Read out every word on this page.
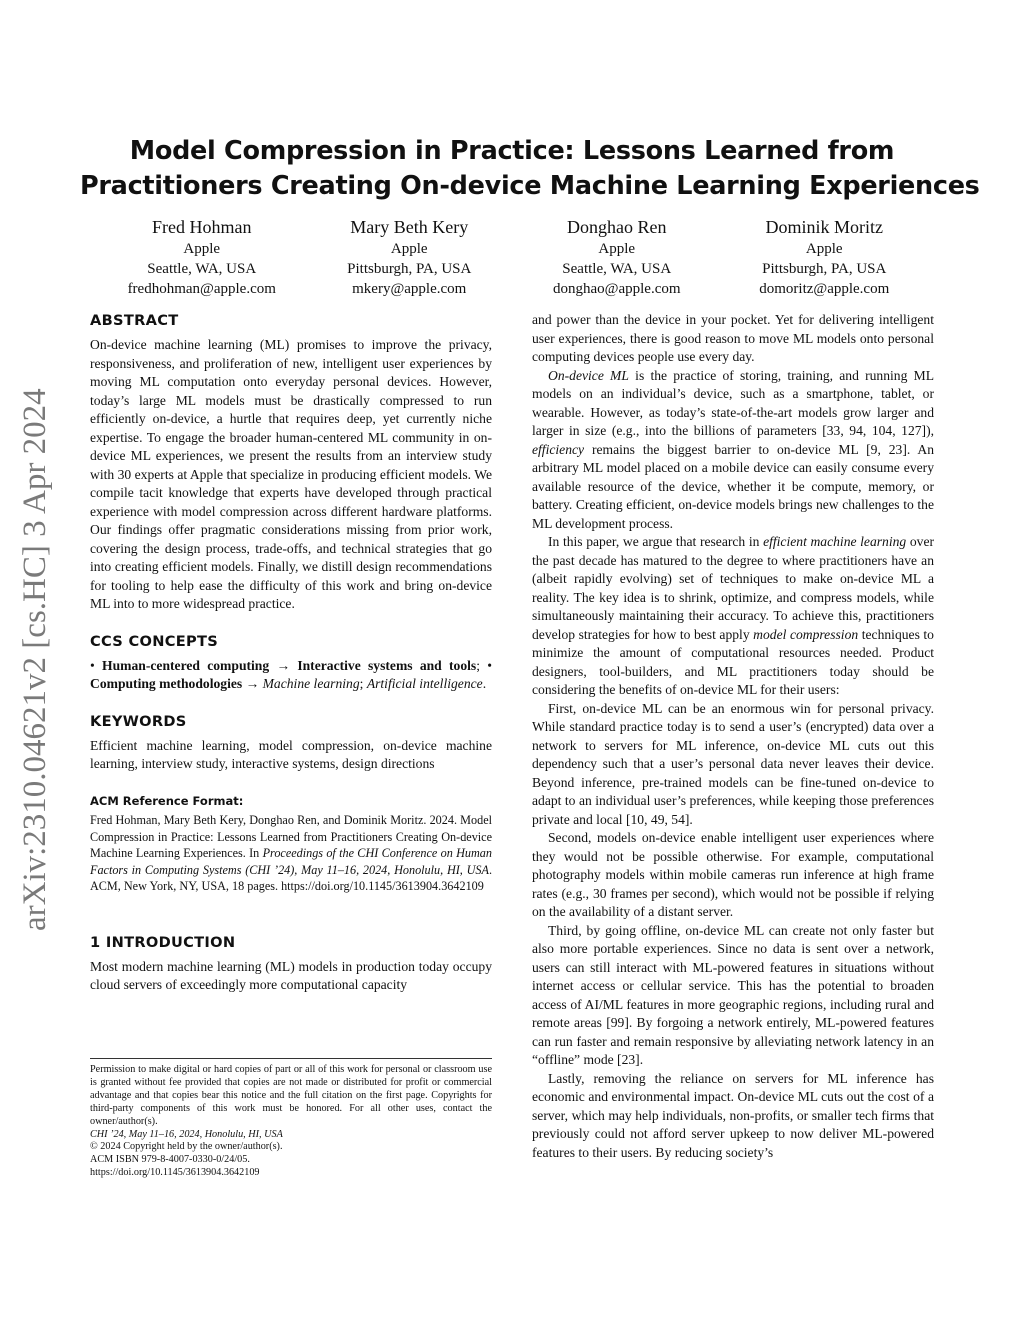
arXiv:2310.04621v2 [cs.HC] 3 Apr 2024
Model Compression in Practice: Lessons Learned from
Practitioners Creating On-device Machine Learning Experiences
Fred Hohman
Apple
Seattle, WA, USA
fredhohman@apple.com
Mary Beth Kery
Apple
Pittsburgh, PA, USA
mkery@apple.com
Donghao Ren
Apple
Seattle, WA, USA
donghao@apple.com
Dominik Moritz
Apple
Pittsburgh, PA, USA
domoritz@apple.com
ABSTRACT

On-device machine learning (ML) promises to improve the privacy, responsiveness, and proliferation of new, intelligent user experiences by moving ML computation onto everyday personal devices. However, today’s large ML models must be drastically compressed to run efficiently on-device, a hurtle that requires deep, yet currently niche expertise. To engage the broader human-centered ML community in on-device ML experiences, we present the results from an interview study with 30 experts at Apple that specialize in producing efficient models. We compile tacit knowledge that experts have developed through practical experience with model compression across different hardware platforms. Our findings offer pragmatic considerations missing from prior work, covering the design process, trade-offs, and technical strategies that go into creating efficient models. Finally, we distill design recommendations for tooling to help ease the difficulty of this work and bring on-device ML into to more widespread practice.

CCS CONCEPTS

• Human-centered computing → Interactive systems and tools; • Computing methodologies → Machine learning; Artificial intelligence.

KEYWORDS

Efficient machine learning, model compression, on-device machine learning, interview study, interactive systems, design directions

ACM Reference Format:

Fred Hohman, Mary Beth Kery, Donghao Ren, and Dominik Moritz. 2024. Model Compression in Practice: Lessons Learned from Practitioners Creating On-device Machine Learning Experiences. In Proceedings of the CHI Conference on Human Factors in Computing Systems (CHI ’24), May 11–16, 2024, Honolulu, HI, USA. ACM, New York, NY, USA, 18 pages. https://doi.org/10.1145/3613904.3642109

1 INTRODUCTION

Most modern machine learning (ML) models in production today occupy cloud servers of exceedingly more computational capacity

Permission to make digital or hard copies of part or all of this work for personal or classroom use is granted without fee provided that copies are not made or distributed for profit or commercial advantage and that copies bear this notice and the full citation on the first page. Copyrights for third-party components of this work must be honored. For all other uses, contact the owner/author(s).

CHI ’24, May 11–16, 2024, Honolulu, HI, USA

© 2024 Copyright held by the owner/author(s).

ACM ISBN 979-8-4007-0330-0/24/05.

https://doi.org/10.1145/3613904.3642109

and power than the device in your pocket. Yet for delivering intelligent user experiences, there is good reason to move ML models onto personal computing devices people use every day.

On-device ML is the practice of storing, training, and running ML models on an individual’s device, such as a smartphone, tablet, or wearable. However, as today’s state-of-the-art models grow larger and larger in size (e.g., into the billions of parameters [33, 94, 104, 127]), efficiency remains the biggest barrier to on-device ML [9, 23]. An arbitrary ML model placed on a mobile device can easily consume every available resource of the device, whether it be compute, memory, or battery. Creating efficient, on-device models brings new challenges to the ML development process.

In this paper, we argue that research in efficient machine learning over the past decade has matured to the degree to where practitioners have an (albeit rapidly evolving) set of techniques to make on-device ML a reality. The key idea is to shrink, optimize, and compress models, while simultaneously maintaining their accuracy. To achieve this, practitioners develop strategies for how to best apply model compression techniques to minimize the amount of computational resources needed. Product designers, tool-builders, and ML practitioners today should be considering the benefits of on-device ML for their users:

First, on-device ML can be an enormous win for personal privacy. While standard practice today is to send a user’s (encrypted) data over a network to servers for ML inference, on-device ML cuts out this dependency such that a user’s personal data never leaves their device. Beyond inference, pre-trained models can be fine-tuned on-device to adapt to an individual user’s preferences, while keeping those preferences private and local [10, 49, 54].

Second, models on-device enable intelligent user experiences where they would not be possible otherwise. For example, computational photography models within mobile cameras run inference at high frame rates (e.g., 30 frames per second), which would not be possible if relying on the availability of a distant server.

Third, by going offline, on-device ML can create not only faster but also more portable experiences. Since no data is sent over a network, users can still interact with ML-powered features in situations without internet access or cellular service. This has the potential to broaden access of AI/ML features in more geographic regions, including rural and remote areas [99]. By forgoing a network entirely, ML-powered features can run faster and remain responsive by alleviating network latency in an “offline” mode [23].

Lastly, removing the reliance on servers for ML inference has economic and environmental impact. On-device ML cuts out the cost of a server, which may help individuals, non-profits, or smaller tech firms that previously could not afford server upkeep to now deliver ML-powered features to their users. By reducing society’s
